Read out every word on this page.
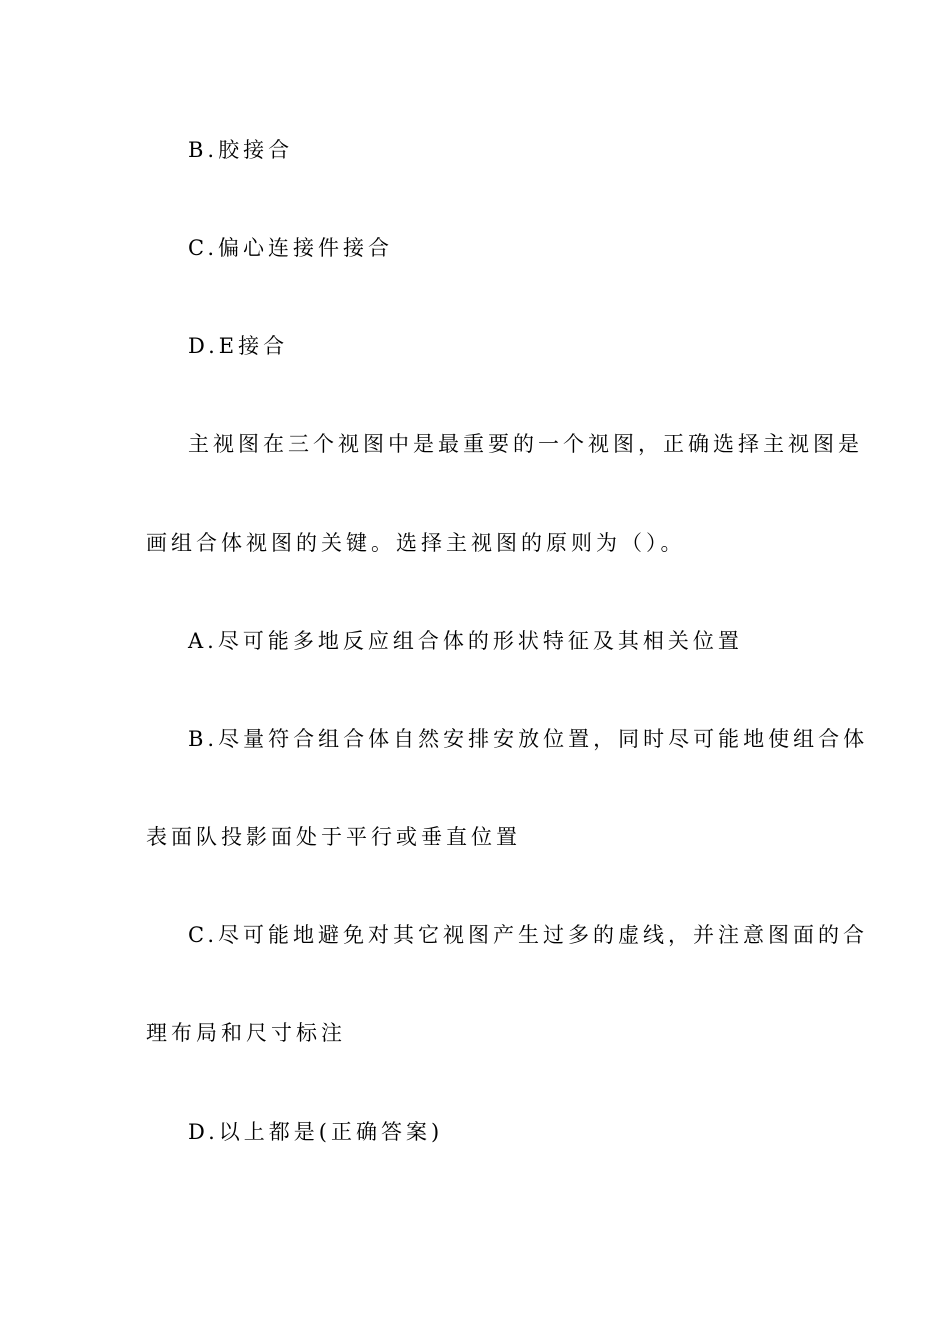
B.胶接合
C.偏心连接件接合
D.E接合
主视图在三个视图中是最重要的一个视图，正确选择主视图是
画组合体视图的关键。选择主视图的原则为（）。
A.尽可能多地反应组合体的形状特征及其相关位置
B.尽量符合组合体自然安排安放位置，同时尽可能地使组合体
表面队投影面处于平行或垂直位置
C.尽可能地避免对其它视图产生过多的虚线，并注意图面的合
理布局和尺寸标注
D.以上都是(正确答案)
